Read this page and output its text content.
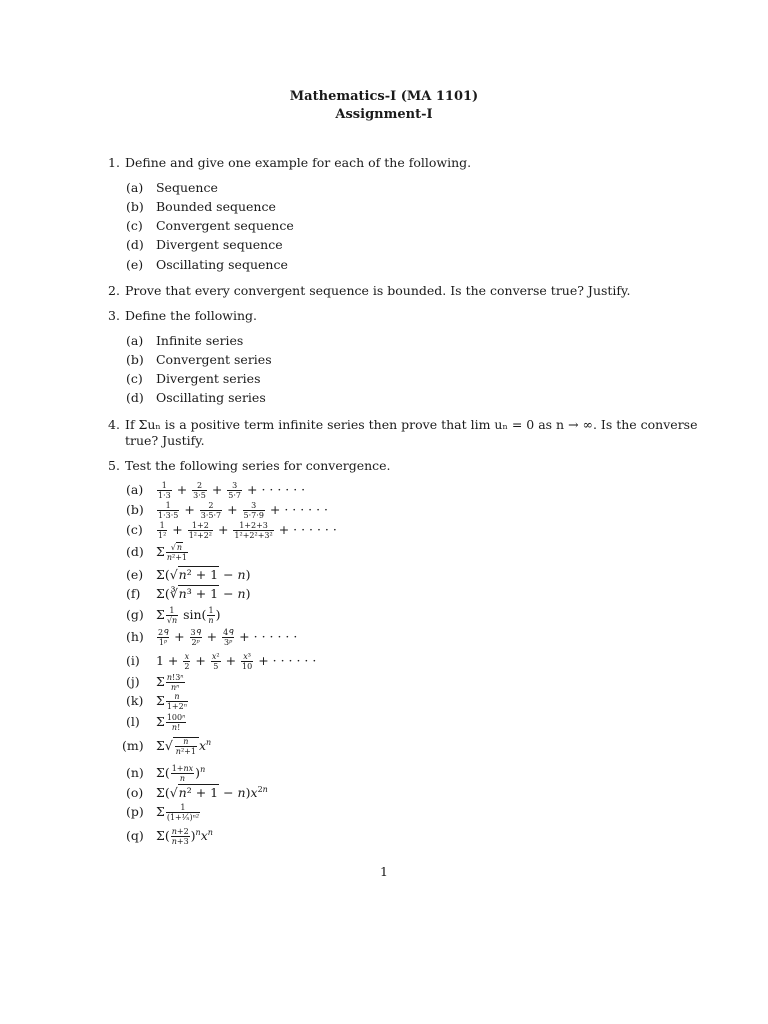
Mathematics-I (MA 1101)
Assignment-I
1. Define and give one example for each of the following.
(a) Sequence
(b) Bounded sequence
(c) Convergent sequence
(d) Divergent sequence
(e) Oscillating sequence
2. Prove that every convergent sequence is bounded. Is the converse true? Justify.
3. Define the following.
(a) Infinite series
(b) Convergent series
(c) Divergent series
(d) Oscillating series
4. If Σuₙ is a positive term infinite series then prove that lim uₙ = 0 as n → ∞. Is the converse true? Justify.
5. Test the following series for convergence.
$(a) \frac{1}{1\cdot 3} + \frac{2}{3\cdot 5} + \frac{3}{5\cdot 7}$ + · · · · · ·
$(b) \frac{1}{1\cdot 3\cdot 5} + \frac{2}{3\cdot 5\cdot 7} + \frac{3}{5\cdot 7\cdot 9}$ + · · · · · ·
$(c) \frac{1}{\text{1²}} + \frac{1+2}{\text{1²+2²}} + \frac{1+2+3}{\text{1²+2²+3²}}$ + · · · · · ·
(d) Σ $\frac{√n}{\text{n²+1}}$
(e) Σ(√n² + 1 − n)
(f) Σ(∛n³ + 1 − n)
(g) Σ $\frac{1}{√n} \sin( \frac{1}{n}$ )
$(h) \frac{\text{2ᑫ}}{\text{1ᵖ}} + \frac{\text{3ᑫ}}{\text{2ᵖ}} + \frac{\text{4ᑫ}}{\text{3ᵖ}}$ + · · · · · ·
(i) $1 + \frac{x}{2} + \frac{\text{x²}}{5} + \frac{\text{x³}}{10}$ + · · · · · ·
(j) Σ $\frac{\text{n!3ⁿ}}{\text{nⁿ}}$
(k) Σ $\frac{n}{\text{1+2ⁿ}}$
(l) Σ $\frac{\text{100ⁿ}}{n!}$
(m) $\Sigma√ \frac{n}{\text{n²+1}} x^n$
(n) $\Sigma( \frac{1+nx}{n} )^n$
(o) $\Sigma(√n^2 + 1 - n)x^{2n}$
(p) Σ $\frac{1}{\text{(1+¹⁄ₙ)ⁿ²}}$
(q) $\Sigma( \frac{n+2}{n+3} )^nx^n$
1
